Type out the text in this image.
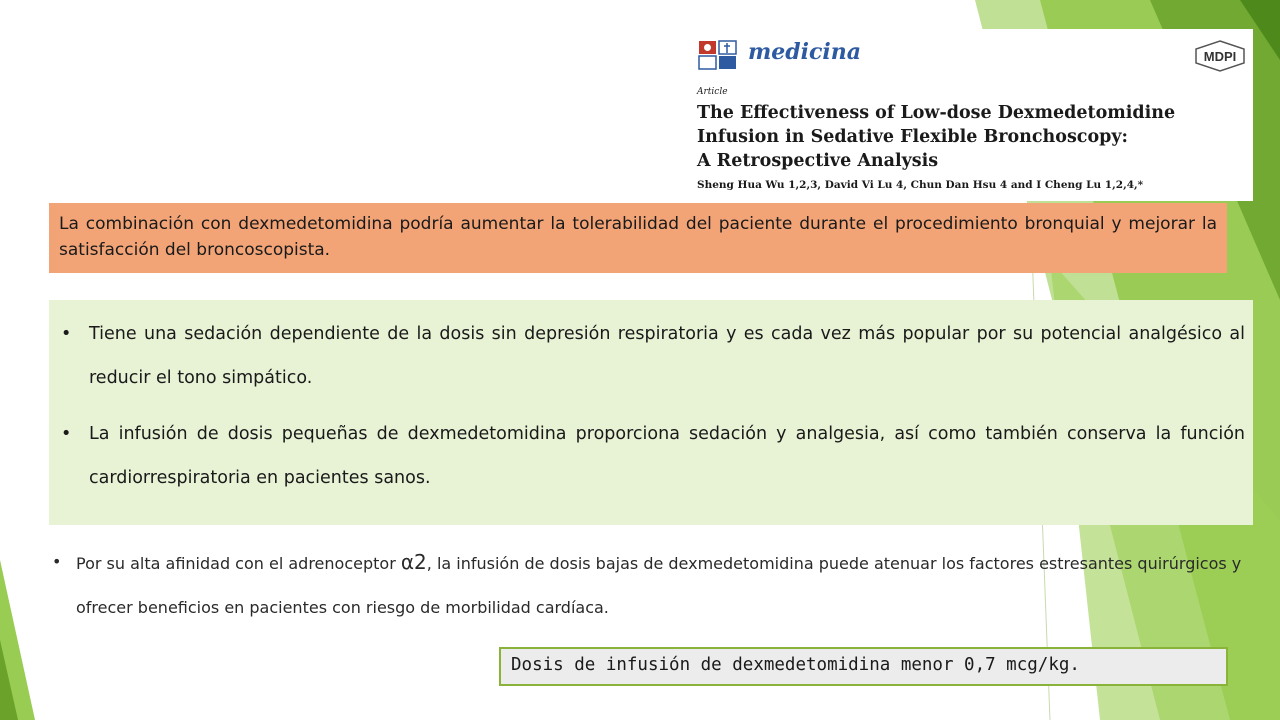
medicina	MDPI
Article
The Effectiveness of Low-dose Dexmedetomidine
Infusion in Sedative Flexible Bronchoscopy:
A Retrospective Analysis
Sheng Hua Wu 1,2,3, David Vi Lu 4, Chun Dan Hsu 4 and I Cheng Lu 1,2,4,*
La combinación con dexmedetomidina podría aumentar la tolerabilidad del paciente durante el procedimiento bronquial y mejorar la satisfacción del broncoscopista.
• Tiene una sedación dependiente de la dosis sin depresión respiratoria y es cada vez más popular por su potencial analgésico al reducir el tono simpático.
• La infusión de dosis pequeñas de dexmedetomidina proporciona sedación y analgesia, así como también conserva la función cardiorrespiratoria en pacientes sanos.
• Por su alta afinidad con el adrenoceptor α2, la infusión de dosis bajas de dexmedetomidina puede atenuar los factores estresantes quirúrgicos y ofrecer beneficios en pacientes con riesgo de morbilidad cardíaca.
Dosis de infusión de dexmedetomidina menor 0,7 mcg/kg.
